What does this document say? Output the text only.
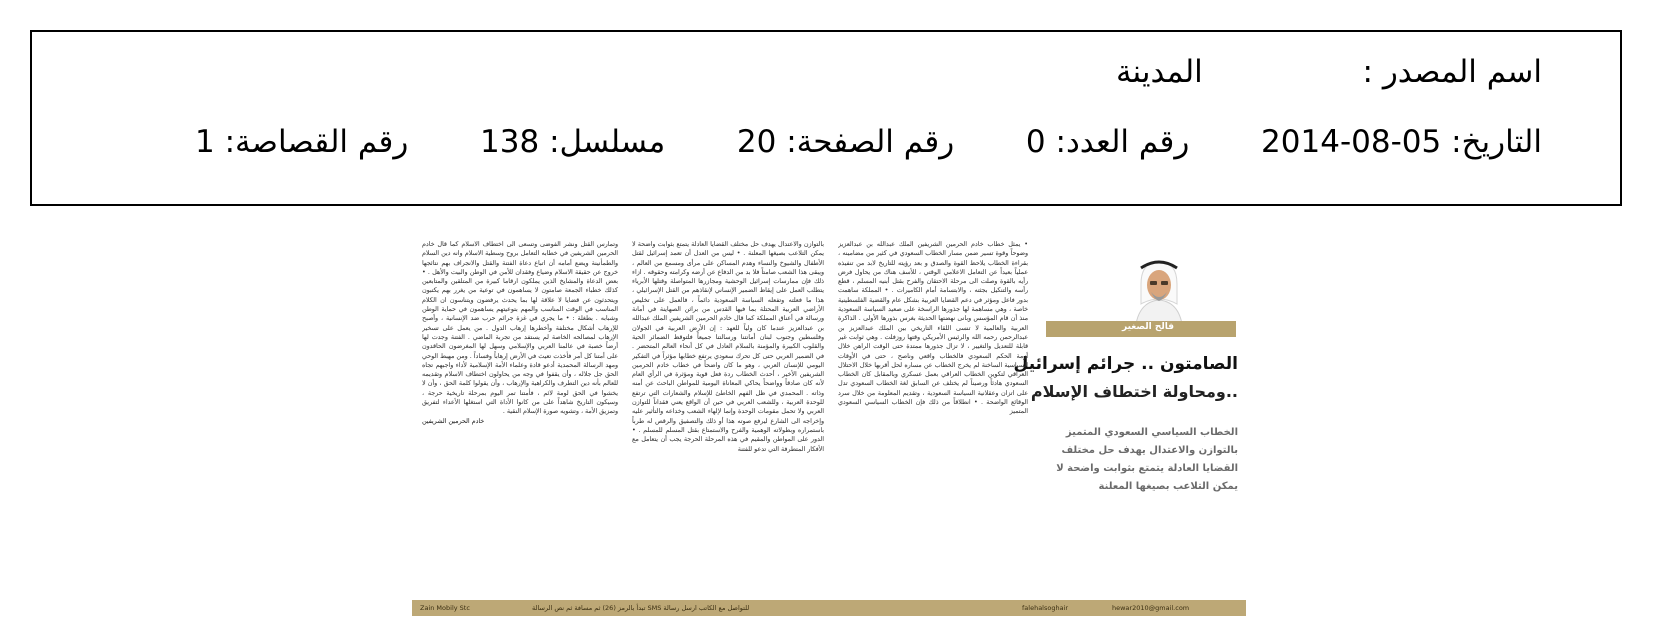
اسم المصدر :  المدينة
التاريخ: 2014-08-05  رقم العدد: 0  رقم الصفحة: 20  مسلسل: 138  رقم القصاصة: 1
فالح الصغير
الصامتون .. جرائم إسرائيل
..ومحاولة اختطاف الإسلام
الخطاب السياسي السعودي المتميز بالتوازن والاعتدال يهدف حل مختلف القضايا العادلة يتمتع بثوابت واضحة لا يمكن التلاعب بصيغها المعلنة

• يمثل خطاب خادم الحرمين الشريفين الملك عبدالله بن عبدالعزيز وضوحاً وقوة تسير ضمن مسار الخطاب السعودي في كثير من مضامينه ، بقراءة الخطاب يلاحظ القوة والصدق و بعد رؤيته للتاريخ لابد من تنفيذه عملياً بعيداً عن التعامل الاعلامي الوقتي ، للأسف هناك من يحاول فرض رأيه بالقوة وصلت الى مرحلة الاحتقان والفرح بقتل أبنيه المسلم ، قطع رأسه والتنكيل بجثته ، والابتسامة أمام الكاميرات . • المملكة ساهمت بدور فاعل ومؤثر في دعم القضايا العربية بشكل عام والقضية الفلسطينية خاصة ، وهي مساهمة لها جذورها الراسخة على صعيد السياسة السعودية منذ أن قام المؤسس وبانى نهضتها الحديثة بغرس بذورها الأولى . الذاكرة العربية والعالمية لا تنسى اللقاء التاريخي بين الملك عبدالعزيز بن عبدالرحمن رحمه الله والرئيس الأمريكي وقتها روزفلت . وهي ثوابت غير قابلة للتعديل والتغيير ، لا تزال جذورها ممتدة حتى الوقت الراهن خلال أزمة الحكم السعودي فالخطاب واقعي وناصح ، حتى في الأوقات السياسية الساخنة لم يخرج الخطاب عن مساره لحل أقربها خلال الاحتلال العراقي لتكوين الخطاب العراقي بعمل عسكري وبالمقابل كان الخطاب السعودي هادئاً ورصيناً لم يختلف عن السابق لغة الخطاب السعودي تدل على اتزان وعقلانية السياسة السعودية ، وتقديم المعلومة من خلال سرد الوقائع الواضحة . • انطلاقاً من ذلك فإن الخطاب السياسي السعودي المتميز

بالتوازن والاعتدال يهدف حل مختلف القضايا العادلة يتمتع بثوابت واضحة لا يمكن التلاعب بصيغها المعلنة . • ليس من العدل أن تعمد إسرائيل لقتل الأطفال والشيوخ والنساء وهدم المساكن على مرأى ومسمع من العالم ، ويبقى هذا الشعب صامتاً فلا بد من الدفاع عن أرضه وكرامته وحقوقه . ازاء ذلك فإن ممارسات إسرائيل الوحشية ومجازرها المتواصلة وقتلها الأبرياء يتطلب العمل على إيقاظ الضمير الإنساني لإنقاذهم من القتل الإسرائيلي ، هذا ما فعلته وتفعله السياسة السعودية دائماً ، فالعمل على تخليص الأراضي العربية المحتلة بما فيها القدس من براثن الصهاينة في أمانة ورسالة في أعناق المملكة كما قال خادم الحرمين الشريفين الملك عبدالله بن عبدالعزيز عندما كان ولياً للعهد : إن الأرض العربية في الجولان وفلسطين وجنوب لبنان أمانتنا ورسالتنا جميعاً فلتوقظ الضمائر الحية والقلوب الكبيرة والمؤمنة بالسلام العادل في كل أنحاء العالم المتحضر . في الضمير العربي حتى كل تحرك سعودي يرتفع خطابها مؤثراً في التفكير اليومي للإنسان العربي ، وهو ما كان واضحاً في خطاب خادم الحرمين الشريفين الأخير ، أحدث الخطاب ردة فعل قوية ومؤثرة في الرأي العام لأنه كان صادقاً وواضحاً يحاكي المعاناة اليومية للمواطن الباحث عن أمنه وذاته . المحمدي في ظل الفهم الخاطئ للإسلام والشعارات التي ترتفع للوحدة العربية ، وللشعب العربي في حين أن الواقع يعني فقداناً للتوازن العربي ولا تحمل مقومات الوحدة وإنما لإلهاء الشعب وخداعه والتأثير عليه وإخراجه الى الشارع ليرفع صوته هذا أو ذلك والتصفيق والرقص له طرباً باستمراره وبطولاته الوهمية والفرح والاستمتاع بقتل المسلم للمسلم . • الدور على المواطن والمقيم في هذه المرحلة الحرجة يجب أن يتعامل مع الأفكار المتطرفة التي تدعو للفتنة

وتمارس القتل ونشر الفوضى وتسعى الى اختطاف الاسلام كما قال خادم الحرمين الشريفين في خطابه التعامل بروح وسطية الاسلام وانه دين السلام والطمأنينة ويضع أمامه أن اتباع دعاة الفتنة والقتل والانجراف بهم نتائجها خروج عن حقيقة الاسلام وضياع وفقدان للأمن في الوطن والبيت والأهل . • بعض الدعاة والمشايخ الذين يملكون ارقاما كبيرة من المتلقين والمتابعين كذلك خطباء الجمعة صامتون لا يساهمون في توعية من يغرر بهم يكتبون ويتحدثون عن قضايا لا علاقة لها بما يحدث يرفضون ويتناسون ان الكلام المناسب في الوقت المناسب والمهم بتوعيتهم يساهمون في حماية الوطن وشبابه . بطغلة : • ما يجري في غزة جرائم حرب ضد الإنسانية ، وأصبح للإرهاب أشكال مختلفة وأخطرها إرهاب الدول . من يعمل على تسخير الإرهاب لمصالحه الخاصة لم يستفد من تجربة الماضي . الفتنة وجدت لها أرضاً خصبة في عالمنا العربي والإسلامي وسهل لها المغرضون الحاقدون على أمتنا كل أمر فأخذت تعيث في الأرض إرهاباً وفساداً . ومن مهبط الوحي ومهد الرسالة المحمدية أدعو قادة وعلماء الأمة الإسلامية لأداء واجبهم تجاه الحق جل جلاله ، وأن يقفوا في وجه من يحاولون اختطاف الاسلام وتقديمه للعالم بأنه دين التطرف والكراهية والإرهاب ، وأن يقولوا كلمة الحق ، وأن لا يخشوا في الحق لومة لائم ، فأمتنا تمر اليوم بمرحلة تاريخية حرجة ، وسيكون التاريخ شاهداً على من كانوا الأداة التي استغلها الأعداء لتفريق وتمزيق الأمة ، وتشويه صورة الإسلام النقية .

خادم الحرمين الشريفين

Zain Mobily Stc	للتواصل مع الكاتب ارسل رسالة SMS تبدأ بالرمز (26) ثم مسافة ثم نص الرسالة	falehalsoghair	hewar2010@gmail.com
